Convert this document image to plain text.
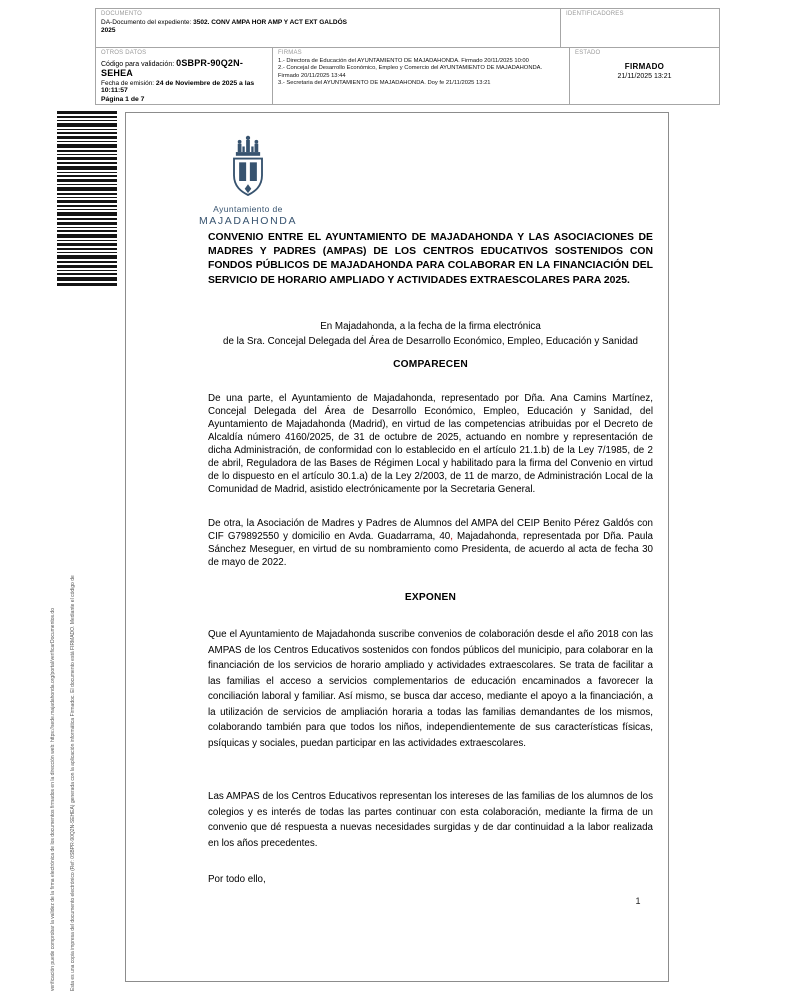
DOCUMENTO
DA-Documento del expediente: 3502. CONV AMPA HOR AMP Y ACT EXT GALDÓS 2025
IDENTIFICADORES
OTROS DATOS
Código para validación: 0SBPR-90Q2N-SEHEA
Fecha de emisión: 24 de Noviembre de 2025 a las 10:11:57
Página 1 de 7
FIRMAS
1.- Directora de Educación del AYUNTAMIENTO DE MAJADAHONDA. Firmado 20/11/2025 10:00
2.- Concejal de Desarrollo Económico, Empleo y Comercio del AYUNTAMIENTO DE MAJADAHONDA. Firmado 20/11/2025 13:44
3.- Secretaria del AYUNTAMIENTO DE MAJADAHONDA. Doy fe 21/11/2025 13:21
ESTADO
FIRMADO
21/11/2025 13:21
Esta es una copia impresa del documento electrónico (Ref: 0SBPR-90Q2N-SEHEA) generada con la aplicación informática Firmadoc. El documento está FIRMADO. Mediante el código de
verificación puede comprobar la validez de la firma electrónica de los documentos firmados en la dirección web: https://sede.majadahonda.org/portal/verificarDocumentos.do
Ayuntamiento de
MAJADAHONDA
CONVENIO ENTRE EL AYUNTAMIENTO DE MAJADAHONDA Y LAS ASOCIACIONES DE MADRES Y PADRES (AMPAS) DE LOS CENTROS EDUCATIVOS SOSTENIDOS CON FONDOS PÚBLICOS DE MAJADAHONDA PARA COLABORAR EN LA FINANCIACIÓN DEL SERVICIO DE HORARIO AMPLIADO Y ACTIVIDADES EXTRAESCOLARES PARA 2025.
En Majadahonda, a la fecha de la firma electrónica
de la Sra. Concejal Delegada del Área de Desarrollo Económico, Empleo, Educación y Sanidad
COMPARECEN
De una parte, el Ayuntamiento de Majadahonda, representado por Dña. Ana Camins Martínez, Concejal Delegada del Área de Desarrollo Económico, Empleo, Educación y Sanidad, del Ayuntamiento de Majadahonda (Madrid), en virtud de las competencias atribuidas por el Decreto de Alcaldía número 4160/2025, de 31 de octubre de 2025, actuando en nombre y representación de dicha Administración, de conformidad con lo establecido en el artículo 21.1.b) de la Ley 7/1985, de 2 de abril, Reguladora de las Bases de Régimen Local y habilitado para la firma del Convenio en virtud de lo dispuesto en el artículo 30.1.a) de la Ley 2/2003, de 11 de marzo, de Administración Local de la Comunidad de Madrid, asistido electrónicamente por la Secretaria General.
De otra, la Asociación de Madres y Padres de Alumnos del AMPA del CEIP Benito Pérez Galdós con CIF G79892550 y domicilio en Avda. Guadarrama, 40, Majadahonda, representada por Dña. Paula Sánchez Meseguer, en virtud de su nombramiento como Presidenta, de acuerdo al acta de fecha 30 de mayo de 2022.
EXPONEN
Que el Ayuntamiento de Majadahonda suscribe convenios de colaboración desde el año 2018 con las AMPAS de los Centros Educativos sostenidos con fondos públicos del municipio, para colaborar en la financiación de los servicios de horario ampliado y actividades extraescolares. Se trata de facilitar a las familias el acceso a servicios complementarios de educación encaminados a favorecer la conciliación laboral y familiar. Así mismo, se busca dar acceso, mediante el apoyo a la financiación, a la utilización de servicios de ampliación horaria a todas las familias demandantes de los mismos, colaborando también para que todos los niños, independientemente de sus características físicas, psíquicas y sociales, puedan participar en las actividades extraescolares.
Las AMPAS de los Centros Educativos representan los intereses de las familias de los alumnos de los colegios y es interés de todas las partes continuar con esta colaboración, mediante la firma de un convenio que dé respuesta a nuevas necesidades surgidas y de dar continuidad a la labor realizada en los años precedentes.
Por todo ello,
1
